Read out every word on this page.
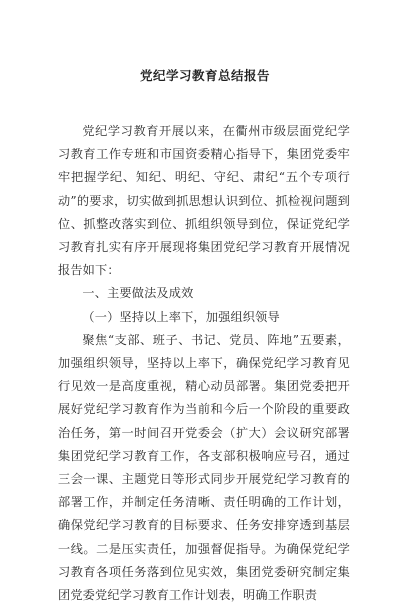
党纪学习教育总结报告

党纪学习教育开展以来，在衢州市级层面党纪学习教育工作专班和市国资委精心指导下，集团党委牢牢把握学纪、知纪、明纪、守纪、肃纪“五个专项行动”的要求，切实做到抓思想认识到位、抓检视问题到位、抓整改落实到位、抓组织领导到位，保证党纪学习教育扎实有序开展现将集团党纪学习教育开展情况报告如下：

一、主要做法及成效

（一）坚持以上率下，加强组织领导

聚焦“支部、班子、书记、党员、阵地”五要素，加强组织领导，坚持以上率下，确保党纪学习教育见行见效一是高度重视，精心动员部署。集团党委把开展好党纪学习教育作为当前和今后一个阶段的重要政治任务，第一时间召开党委会（扩大）会议研究部署集团党纪学习教育工作，各支部积极响应号召，通过三会一课、主题党日等形式同步开展党纪学习教育的部署工作，并制定任务清晰、责任明确的工作计划，确保党纪学习教育的目标要求、任务安排穿透到基层一线。二是压实责任，加强督促指导。为确保党纪学习教育各项任务落到位见实效，集团党委研究制定集团党委党纪学习教育工作计划表，明确工作职责
